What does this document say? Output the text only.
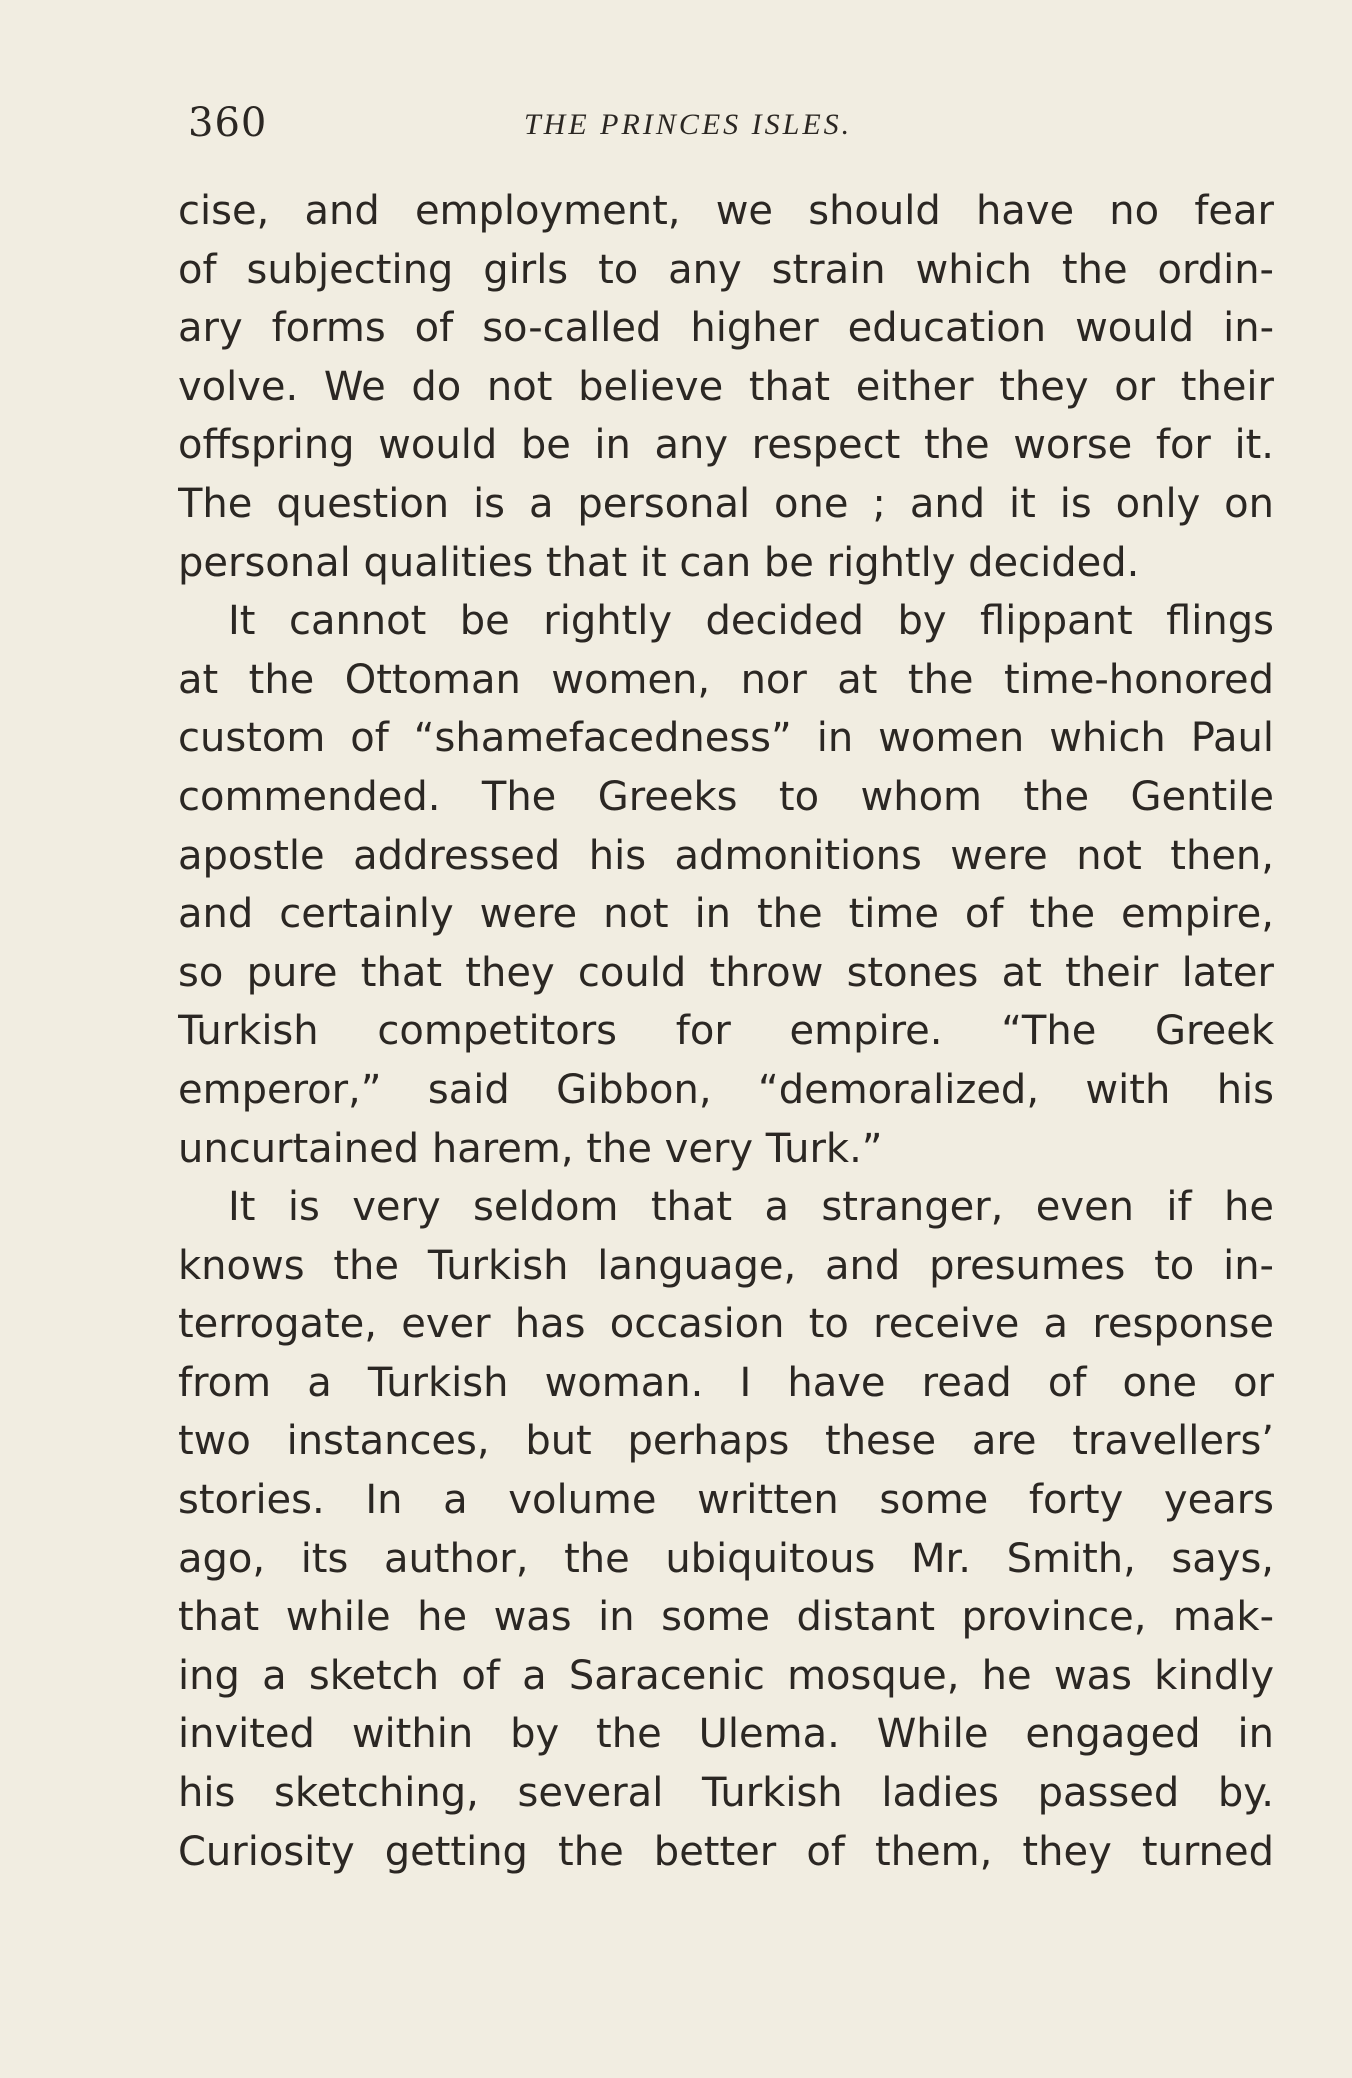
360	THE PRINCES ISLES.
cise, and employment, we should have no fear
of subjecting girls to any strain which the ordin-
ary forms of so-called higher education would in-
volve. We do not believe that either they or their
offspring would be in any respect the worse for it.
The question is a personal one ; and it is only on
personal qualities that it can be rightly decided.
It cannot be rightly decided by flippant flings
at the Ottoman women, nor at the time-honored
custom of “shamefacedness” in women which Paul
commended. The Greeks to whom the Gentile
apostle addressed his admonitions were not then,
and certainly were not in the time of the empire,
so pure that they could throw stones at their later
Turkish competitors for empire. “The Greek
emperor,” said Gibbon, “demoralized, with his
uncurtained harem, the very Turk.”
It is very seldom that a stranger, even if he
knows the Turkish language, and presumes to in-
terrogate, ever has occasion to receive a response
from a Turkish woman. I have read of one or
two instances, but perhaps these are travellers’
stories. In a volume written some forty years
ago, its author, the ubiquitous Mr. Smith, says,
that while he was in some distant province, mak-
ing a sketch of a Saracenic mosque, he was kindly
invited within by the Ulema. While engaged in
his sketching, several Turkish ladies passed by.
Curiosity getting the better of them, they turned
